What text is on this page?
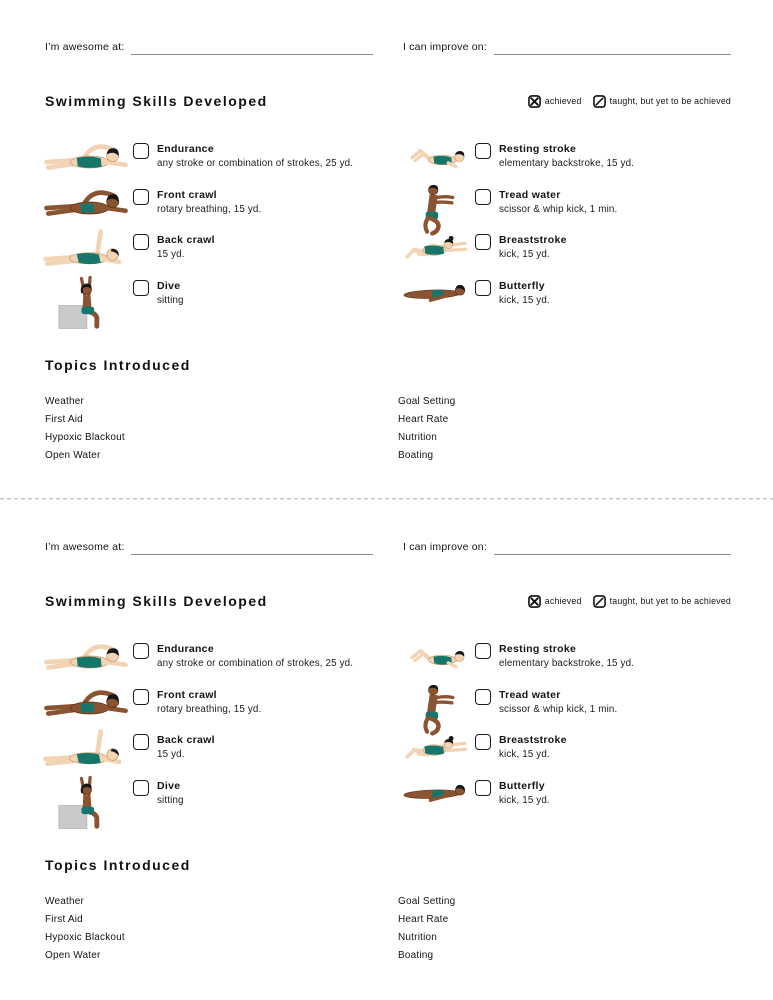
I’m awesome at:	I can improve on:
Swimming Skills Developed	achieved	taught, but yet to be achieved
Endurance
any stroke or combination of strokes, 25 yd.
Front crawl
rotary breathing, 15 yd.
Back crawl
15 yd.
Dive
sitting
Resting stroke
elementary backstroke, 15 yd.
Tread water
scissor & whip kick, 1 min.
Breaststroke
kick, 15 yd.
Butterfly
kick, 15 yd.
Topics Introduced
Weather
First Aid
Hypoxic Blackout
Open Water
Goal Setting
Heart Rate
Nutrition
Boating
I’m awesome at:	I can improve on:
Swimming Skills Developed	achieved	taught, but yet to be achieved
Endurance
any stroke or combination of strokes, 25 yd.
Front crawl
rotary breathing, 15 yd.
Back crawl
15 yd.
Dive
sitting
Resting stroke
elementary backstroke, 15 yd.
Tread water
scissor & whip kick, 1 min.
Breaststroke
kick, 15 yd.
Butterfly
kick, 15 yd.
Topics Introduced
Weather
First Aid
Hypoxic Blackout
Open Water
Goal Setting
Heart Rate
Nutrition
Boating
